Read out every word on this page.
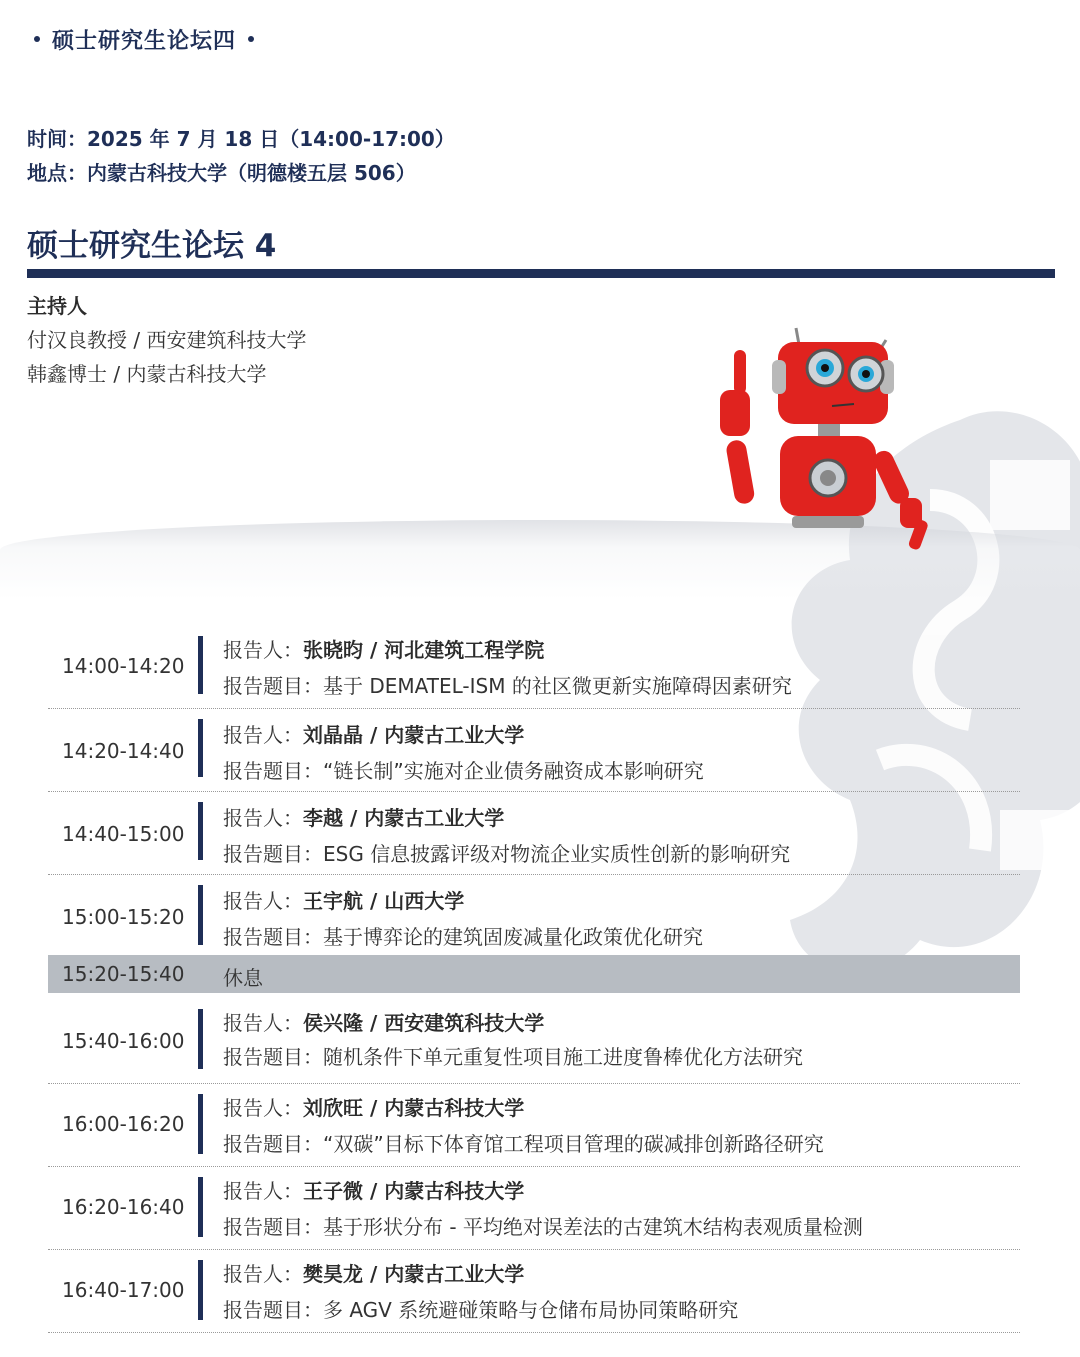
硕士研究生论坛四
时间：2025 年 7 月 18 日（14:00-17:00）
地点：内蒙古科技大学（明德楼五层 506）
硕士研究生论坛 4
主持人
付汉良教授 / 西安建筑科技大学
韩鑫博士 / 内蒙古科技大学
14:00-14:20
报告人：张晓昀 / 河北建筑工程学院
报告题目：基于 DEMATEL-ISM 的社区微更新实施障碍因素研究
14:20-14:40
报告人：刘晶晶 / 内蒙古工业大学
报告题目：“链长制”实施对企业债务融资成本影响研究
14:40-15:00
报告人：李越 / 内蒙古工业大学
报告题目：ESG 信息披露评级对物流企业实质性创新的影响研究
15:00-15:20
报告人：王宇航 / 山西大学
报告题目：基于博弈论的建筑固废减量化政策优化研究
15:20-15:40 休息
15:40-16:00
报告人：侯兴隆 / 西安建筑科技大学
报告题目：随机条件下单元重复性项目施工进度鲁棒优化方法研究
16:00-16:20
报告人：刘欣旺 / 内蒙古科技大学
报告题目：“双碳”目标下体育馆工程项目管理的碳减排创新路径研究
16:20-16:40
报告人：王子微 / 内蒙古科技大学
报告题目：基于形状分布 - 平均绝对误差法的古建筑木结构表观质量检测
16:40-17:00
报告人：樊昊龙 / 内蒙古工业大学
报告题目：多 AGV 系统避碰策略与仓储布局协同策略研究
